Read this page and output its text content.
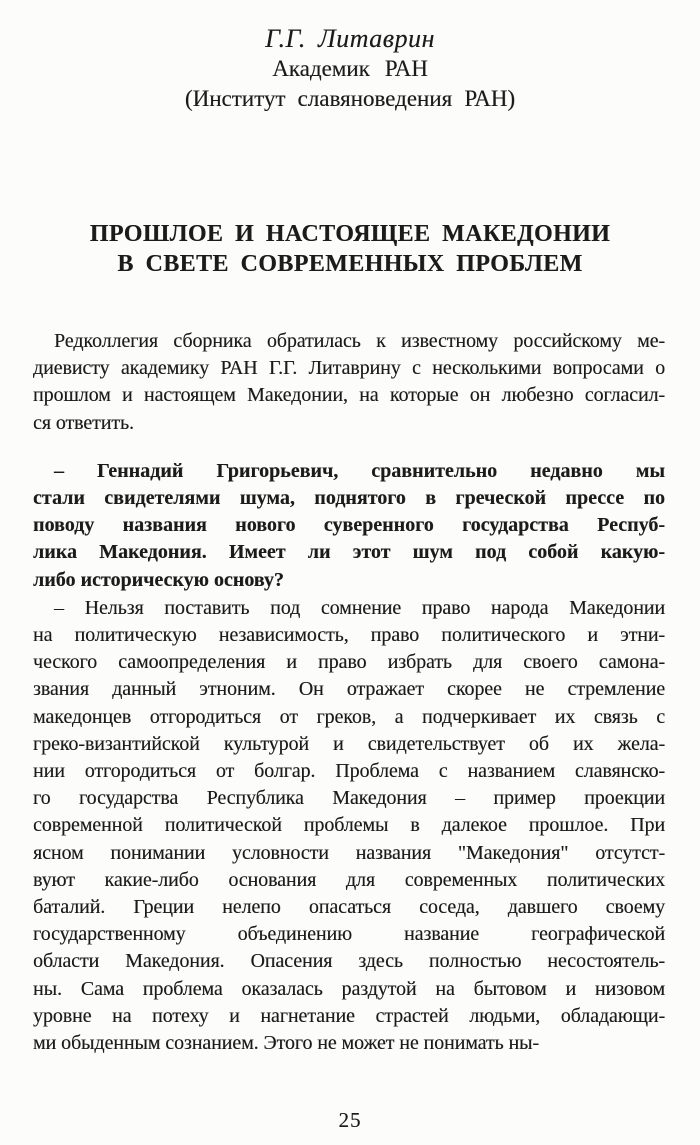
Г.Г. Литаврин
Академик РАН
(Институт славяноведения РАН)
ПРОШЛОЕ И НАСТОЯЩЕЕ МАКЕДОНИИ
В СВЕТЕ СОВРЕМЕННЫХ ПРОБЛЕМ
Редколлегия сборника обратилась к известному российскому ме-
диевисту академику РАН Г.Г. Литаврину с несколькими вопросами о
прошлом и настоящем Македонии, на которые он любезно согласил-
ся ответить.
– Геннадий Григорьевич, сравнительно недавно мы
стали свидетелями шума, поднятого в греческой прессе по
поводу названия нового суверенного государства Респуб-
лика Македония. Имеет ли этот шум под собой какую-
либо историческую основу?
– Нельзя поставить под сомнение право народа Македонии
на политическую независимость, право политического и этни-
ческого самоопределения и право избрать для своего самона-
звания данный этноним. Он отражает скорее не стремление
македонцев отгородиться от греков, а подчеркивает их связь с
греко-византийской культурой и свидетельствует об их жела-
нии отгородиться от болгар. Проблема с названием славянско-
го государства Республика Македония – пример проекции
современной политической проблемы в далекое прошлое. При
ясном понимании условности названия "Македония" отсутст-
вуют какие-либо основания для современных политических
баталий. Греции нелепо опасаться соседа, давшего своему
государственному объединению название географической
области Македония. Опасения здесь полностью несостоятель-
ны. Сама проблема оказалась раздутой на бытовом и низовом
уровне на потеху и нагнетание страстей людьми, обладающи-
ми обыденным сознанием. Этого не может не понимать ны-
25
